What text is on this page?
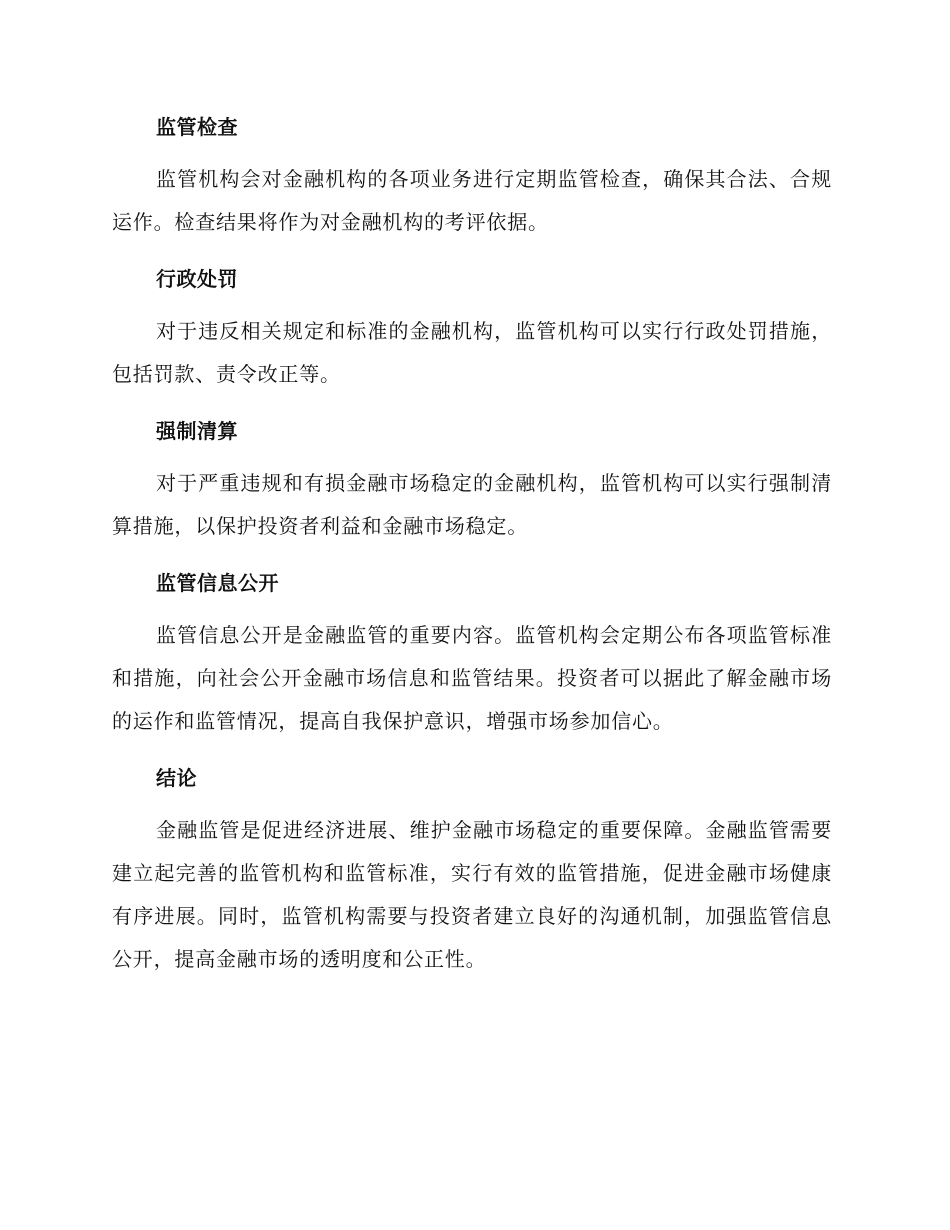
监管检查

监管机构会对金融机构的各项业务进行定期监管检查，确保其合法、合规运作。检查结果将作为对金融机构的考评依据。

行政处罚

对于违反相关规定和标准的金融机构，监管机构可以实行行政处罚措施，包括罚款、责令改正等。

强制清算

对于严重违规和有损金融市场稳定的金融机构，监管机构可以实行强制清算措施，以保护投资者利益和金融市场稳定。

监管信息公开

监管信息公开是金融监管的重要内容。监管机构会定期公布各项监管标准和措施，向社会公开金融市场信息和监管结果。投资者可以据此了解金融市场的运作和监管情况，提高自我保护意识，增强市场参加信心。

结论

金融监管是促进经济进展、维护金融市场稳定的重要保障。金融监管需要建立起完善的监管机构和监管标准，实行有效的监管措施，促进金融市场健康有序进展。同时，监管机构需要与投资者建立良好的沟通机制，加强监管信息公开，提高金融市场的透明度和公正性。
